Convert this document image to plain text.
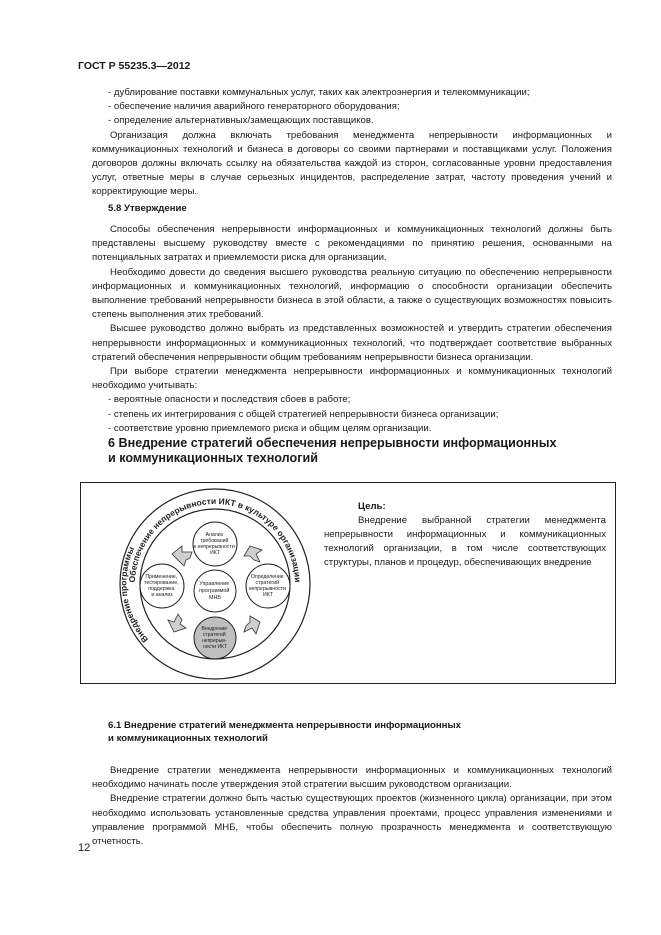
ГОСТ Р 55235.3—2012

- дублирование поставки коммунальных услуг, таких как электроэнергия и телекоммуникации;

- обеспечение наличия аварийного генераторного оборудования;

- определение альтернативных/замещающих поставщиков.

Организация должна включать требования менеджмента непрерывности информационных и коммуникационных технологий и бизнеса в договоры со своими партнерами и поставщиками услуг. Положения договоров должны включать ссылку на обязательства каждой из сторон, согласованные уровни предоставления услуг, ответные меры в случае серьезных инцидентов, распределение затрат, частоту проведения учений и корректирующие меры.

5.8 Утверждение

Способы обеспечения непрерывности информационных и коммуникационных технологий должны быть представлены высшему руководству вместе с рекомендациями по принятию решения, основанными на потенциальных затратах и приемлемости риска для организации.

Необходимо довести до сведения высшего руководства реальную ситуацию по обеспечению непрерывности информационных и коммуникационных технологий, информацию о способности организации обеспечить выполнение требований непрерывности бизнеса в этой области, а также о существующих возможностях повысить степень выполнения этих требований.

Высшее руководство должно выбрать из представленных возможностей и утвердить стратегии обеспечения непрерывности информационных и коммуникационных технологий, что подтверждает соответствие выбранных стратегий обеспечения непрерывности общим требованиям непрерывности бизнеса организации.

При выборе стратегии менеджмента непрерывности информационных и коммуникационных технологий необходимо учитывать:

- вероятные опасности и последствия сбоев в работе;

- степень их интегрирования с общей стратегией непрерывности бизнеса организации;

- соответствие уровню приемлемого риска и общим целям организации.

6 Внедрение стратегий обеспечения непрерывности информационных
и коммуникационных технологий
Обеспечение непрерывности ИКТ в культуре организации
Внедрение программы
Анализ требований к непрерывности ИКТ
Определение стратегий непрерывности ИКТ
Применение, тестирование, поддержка и анализ
Управление программой МНБ
Внедрение стратегий непрерыв- ности ИКТ

Цель:

Внедрение выбранной стратегии менеджмента непрерывности информационных и коммуникационных технологий организации, в том числе соответствующих структуры, планов и процедур, обеспечивающих внедрение

6.1 Внедрение стратегий менеджмента непрерывности информационных
и коммуникационных технологий

Внедрение стратегии менеджмента непрерывности информационных и коммуникационных технологий необходимо начинать после утверждения этой стратегии высшим руководством организации.

Внедрение стратегии должно быть частью существующих проектов (жизненного цикла) организации, при этом необходимо использовать установленные средства управления проектами, процесс управления изменениями и управление программой МНБ, чтобы обеспечить полную прозрачность менеджмента и соответствующую отчетность.

12
